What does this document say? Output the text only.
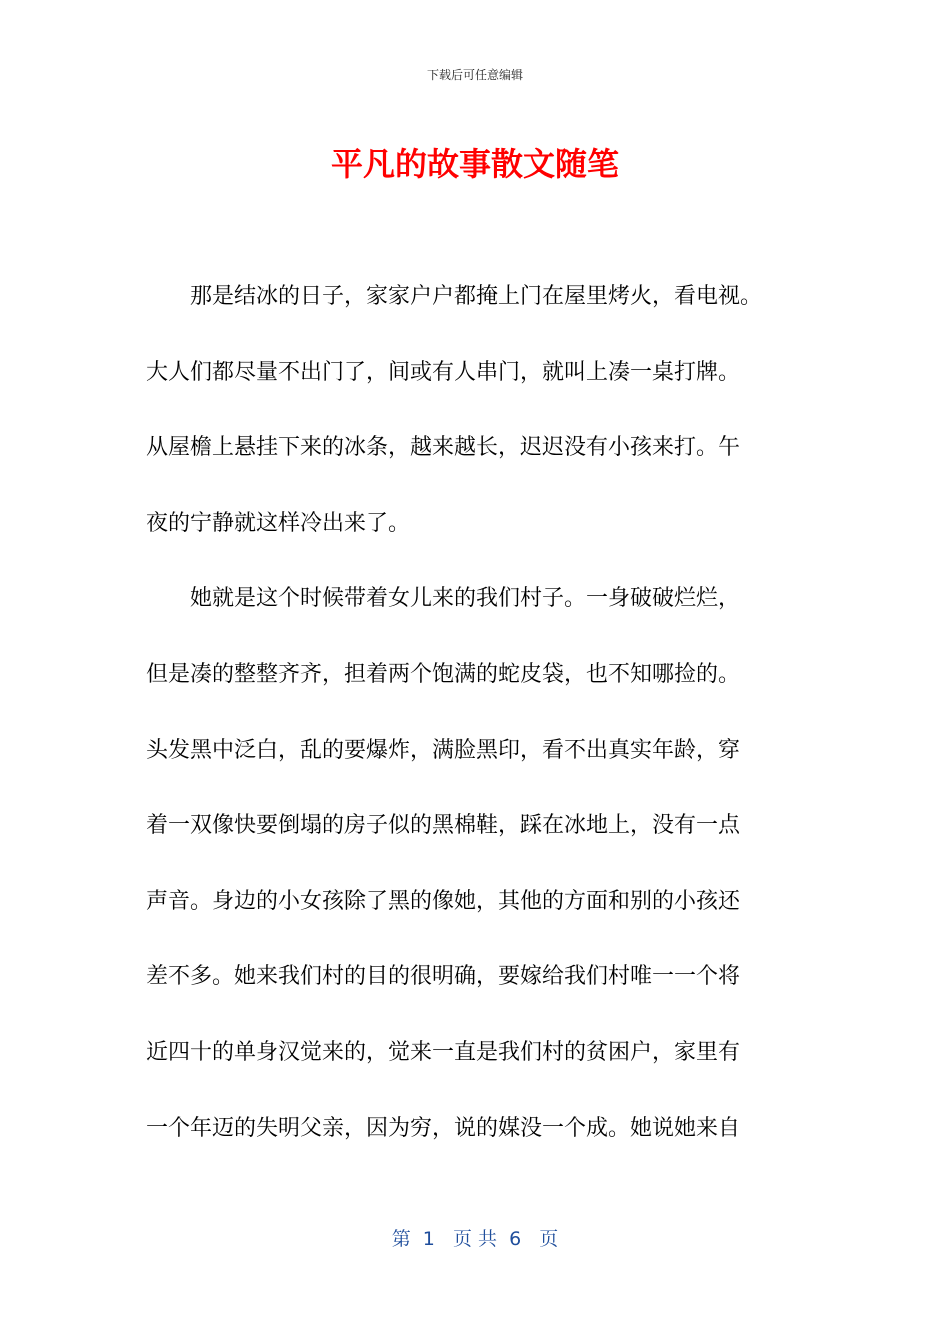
下载后可任意编辑
平凡的故事散文随笔
　　那是结冰的日子，家家户户都掩上门在屋里烤火，看电视。
大人们都尽量不出门了，间或有人串门，就叫上凑一桌打牌。
从屋檐上悬挂下来的冰条，越来越长，迟迟没有小孩来打。午
夜的宁静就这样冷出来了。
　　她就是这个时候带着女儿来的我们村子。一身破破烂烂，
但是凑的整整齐齐，担着两个饱满的蛇皮袋，也不知哪捡的。
头发黑中泛白，乱的要爆炸，满脸黑印，看不出真实年龄，穿
着一双像快要倒塌的房子似的黑棉鞋，踩在冰地上，没有一点
声音。身边的小女孩除了黑的像她，其他的方面和别的小孩还
差不多。她来我们村的目的很明确，要嫁给我们村唯一一个将
近四十的单身汉觉来的，觉来一直是我们村的贫困户，家里有
一个年迈的失明父亲，因为穷，说的媒没一个成。她说她来自
第  1   页 共  6   页
